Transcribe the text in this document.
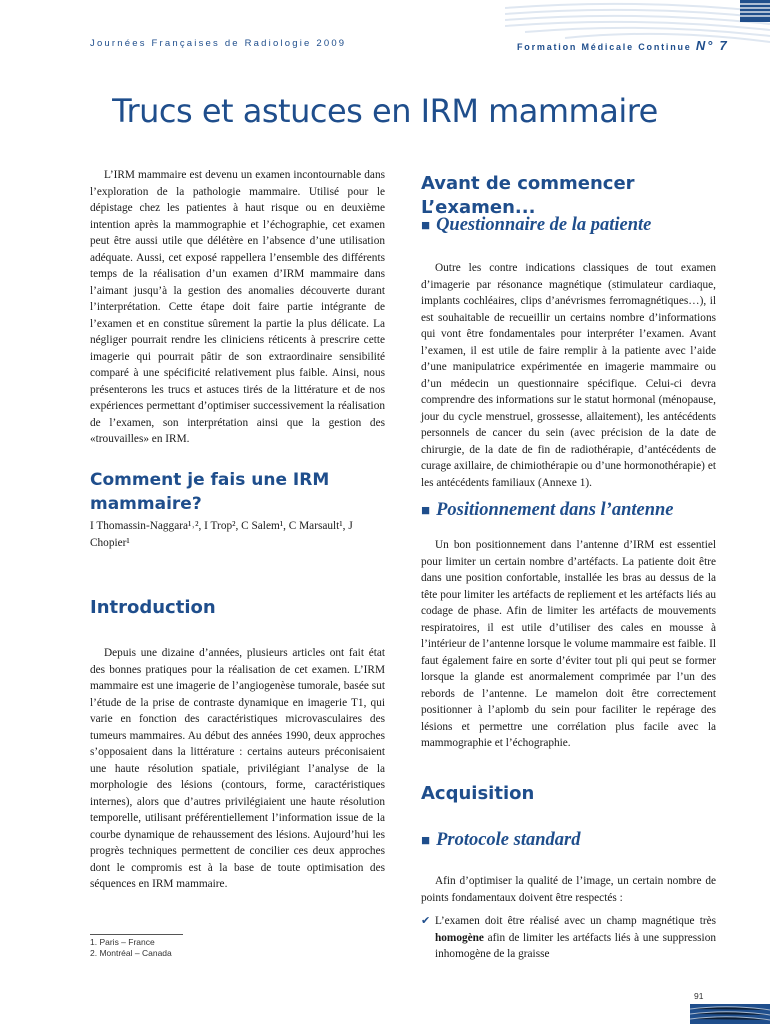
Journées Françaises de Radiologie 2009	Formation Médicale Continue N° 7
Trucs et astuces en IRM mammaire

L’IRM mammaire est devenu un examen incontournable dans l’exploration de la pathologie mammaire. Utilisé pour le dépistage chez les patientes à haut risque ou en deuxième intention après la mammographie et l’échographie, cet examen peut être aussi utile que délétère en l’absence d’une utilisation adéquate. Aussi, cet exposé rappellera l’ensemble des différents temps de la réalisation d’un examen d’IRM mammaire dans l’aimant jusqu’à la gestion des anomalies découverte durant l’interprétation. Cette étape doit faire partie intégrante de l’examen et en constitue sûrement la partie la plus délicate. La négliger pourrait rendre les cliniciens réticents à prescrire cette imagerie qui pourrait pâtir de son extraordinaire sensibilité comparé à une spécificité relativement plus faible. Ainsi, nous présenterons les trucs et astuces tirés de la littérature et de nos expériences permettant d’optimiser successivement la réalisation de l’examen, son interprétation ainsi que la gestion des «trouvailles» en IRM.

Comment je fais une IRM mammaire?
I Thomassin-Naggara¹˒², I Trop², C Salem¹, C Marsault¹, J Chopier¹
Introduction

Depuis une dizaine d’années, plusieurs articles ont fait état des bonnes pratiques pour la réalisation de cet examen. L’IRM mammaire est une imagerie de l’angiogenèse tumorale, basée sut l’étude de la prise de contraste dynamique en imagerie T1, qui varie en fonction des caractéristiques microvasculaires des tumeurs mammaires. Au début des années 1990, deux approches s’opposaient dans la littérature : certains auteurs préconisaient une haute résolution spatiale, privilégiant l’analyse de la morphologie des lésions (contours, forme, caractéristiques internes), alors que d’autres privilégiaient une haute résolution temporelle, utilisant préférentiellement l’information issue de la courbe dynamique de rehaussement des lésions. Aujourd’hui les progrès techniques permettent de concilier ces deux approches dont le compromis est à la base de toute optimisation des séquences en IRM mammaire.

1. Paris – France
2. Montréal – Canada
Avant de commencer L’examen...
■ Questionnaire de la patiente

Outre les contre indications classiques de tout examen d’imagerie par résonance magnétique (stimulateur cardiaque, implants cochléaires, clips d’anévrismes ferromagnétiques…), il est souhaitable de recueillir un certains nombre d’informations qui vont être fondamentales pour interpréter l’examen. Avant l’examen, il est utile de faire remplir à la patiente avec l’aide d’une manipulatrice expérimentée en imagerie mammaire ou d’un médecin un questionnaire spécifique. Celui-ci devra comprendre des informations sur le statut hormonal (ménopause, jour du cycle menstruel, grossesse, allaitement), les antécédents personnels de cancer du sein (avec précision de la date de chirurgie, de la date de fin de radiothérapie, d’antécédents de curage axillaire, de chimiothérapie ou d’une hormonothérapie) et les antécédents familiaux (Annexe 1).

■ Positionnement dans l’antenne

Un bon positionnement dans l’antenne d’IRM est essentiel pour limiter un certain nombre d’artéfacts. La patiente doit être dans une position confortable, installée les bras au dessus de la tête pour limiter les artéfacts de repliement et les artéfacts liés au codage de phase. Afin de limiter les artéfacts de mouvements respiratoires, il est utile d’utiliser des cales en mousse à l’intérieur de l’antenne lorsque le volume mammaire est faible. Il faut également faire en sorte d’éviter tout pli qui peut se former lorsque la glande est anormalement comprimée par l’un des rebords de l’antenne. Le mamelon doit être correctement positionner à l’aplomb du sein pour faciliter le repérage des lésions et permettre une corrélation plus facile avec la mammographie et l’échographie.

Acquisition
■ Protocole standard

Afin d’optimiser la qualité de l’image, un certain nombre de points fondamentaux doivent être respectés :

✔ L’examen doit être réalisé avec un champ magnétique très homogène afin de limiter les artéfacts liés à une suppression inhomogène de la graisse
91
